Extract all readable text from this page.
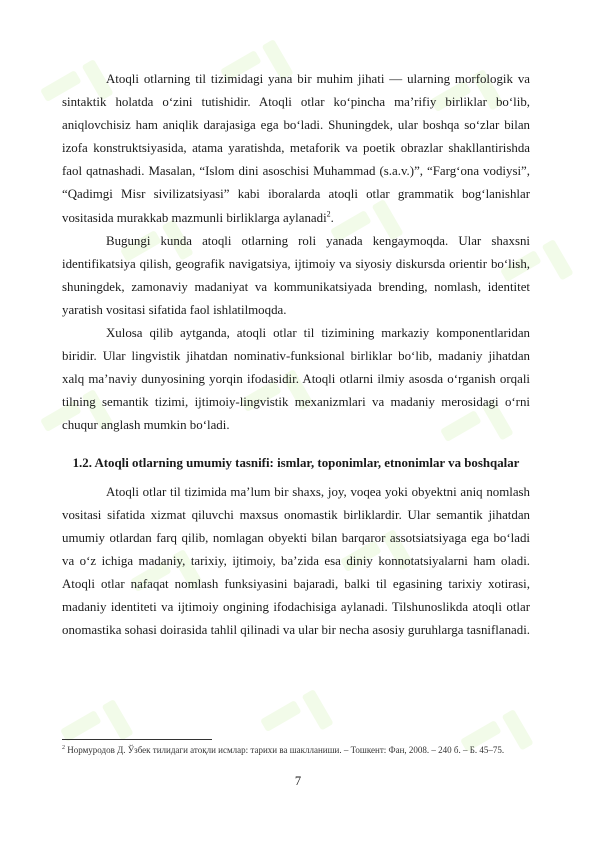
Atoqli otlarning til tizimidagi yana bir muhim jihati — ularning morfologik va sintaktik holatda o‘zini tutishidir. Atoqli otlar ko‘pincha ma’rifiy birliklar bo‘lib, aniqlovchisiz ham aniqlik darajasiga ega bo‘ladi. Shuningdek, ular boshqa so‘zlar bilan izofa konstruktsiyasida, atama yaratishda, metaforik va poetik obrazlar shakllantirishda faol qatnashadi. Masalan, “Islom dini asoschisi Muhammad (s.a.v.)”, “Farg‘ona vodiysi”, “Qadimgi Misr sivilizatsiyasi” kabi iboralarda atoqli otlar grammatik bog‘lanishlar vositasida murakkab mazmunli birliklarga aylanadi$^2$.

Bugungi kunda atoqli otlarning roli yanada kengaymoqda. Ular shaxsni identifikatsiya qilish, geografik navigatsiya, ijtimoiy va siyosiy diskursda orientir bo‘lish, shuningdek, zamonaviy madaniyat va kommunikatsiyada brending, nomlash, identitet yaratish vositasi sifatida faol ishlatilmoqda.

Xulosa qilib aytganda, atoqli otlar til tizimining markaziy komponentlaridan biridir. Ular lingvistik jihatdan nominativ-funksional birliklar bo‘lib, madaniy jihatdan xalq ma’naviy dunyosining yorqin ifodasidir. Atoqli otlarni ilmiy asosda o‘rganish orqali tilning semantik tizimi, ijtimoiy-lingvistik mexanizmlari va madaniy merosidagi o‘rni chuqur anglash mumkin bo‘ladi.

1.2. Atoqli otlarning umumiy tasnifi: ismlar, toponimlar, etnonimlar va boshqalar

Atoqli otlar til tizimida ma’lum bir shaxs, joy, voqea yoki obyektni aniq nomlash vositasi sifatida xizmat qiluvchi maxsus onomastik birliklardir. Ular semantik jihatdan umumiy otlardan farq qilib, nomlagan obyekti bilan barqaror assotsiatsiyaga ega bo‘ladi va o‘z ichiga madaniy, tarixiy, ijtimoiy, ba’zida esa diniy konnotatsiyalarni ham oladi. Atoqli otlar nafaqat nomlash funksiyasini bajaradi, balki til egasining tarixiy xotirasi, madaniy identiteti va ijtimoiy ongining ifodachisiga aylanadi. Tilshunoslikda atoqli otlar onomastika sohasi doirasida tahlil qilinadi va ular bir necha asosiy guruhlarga tasniflanadi.

$^2$ Нормуродов Д. Ўзбек тилидаги атоқли исмлар: тарихи ва шаклланиши. – Тошкент: Фан, 2008. – 240 б. – Б. 45–75.
7
